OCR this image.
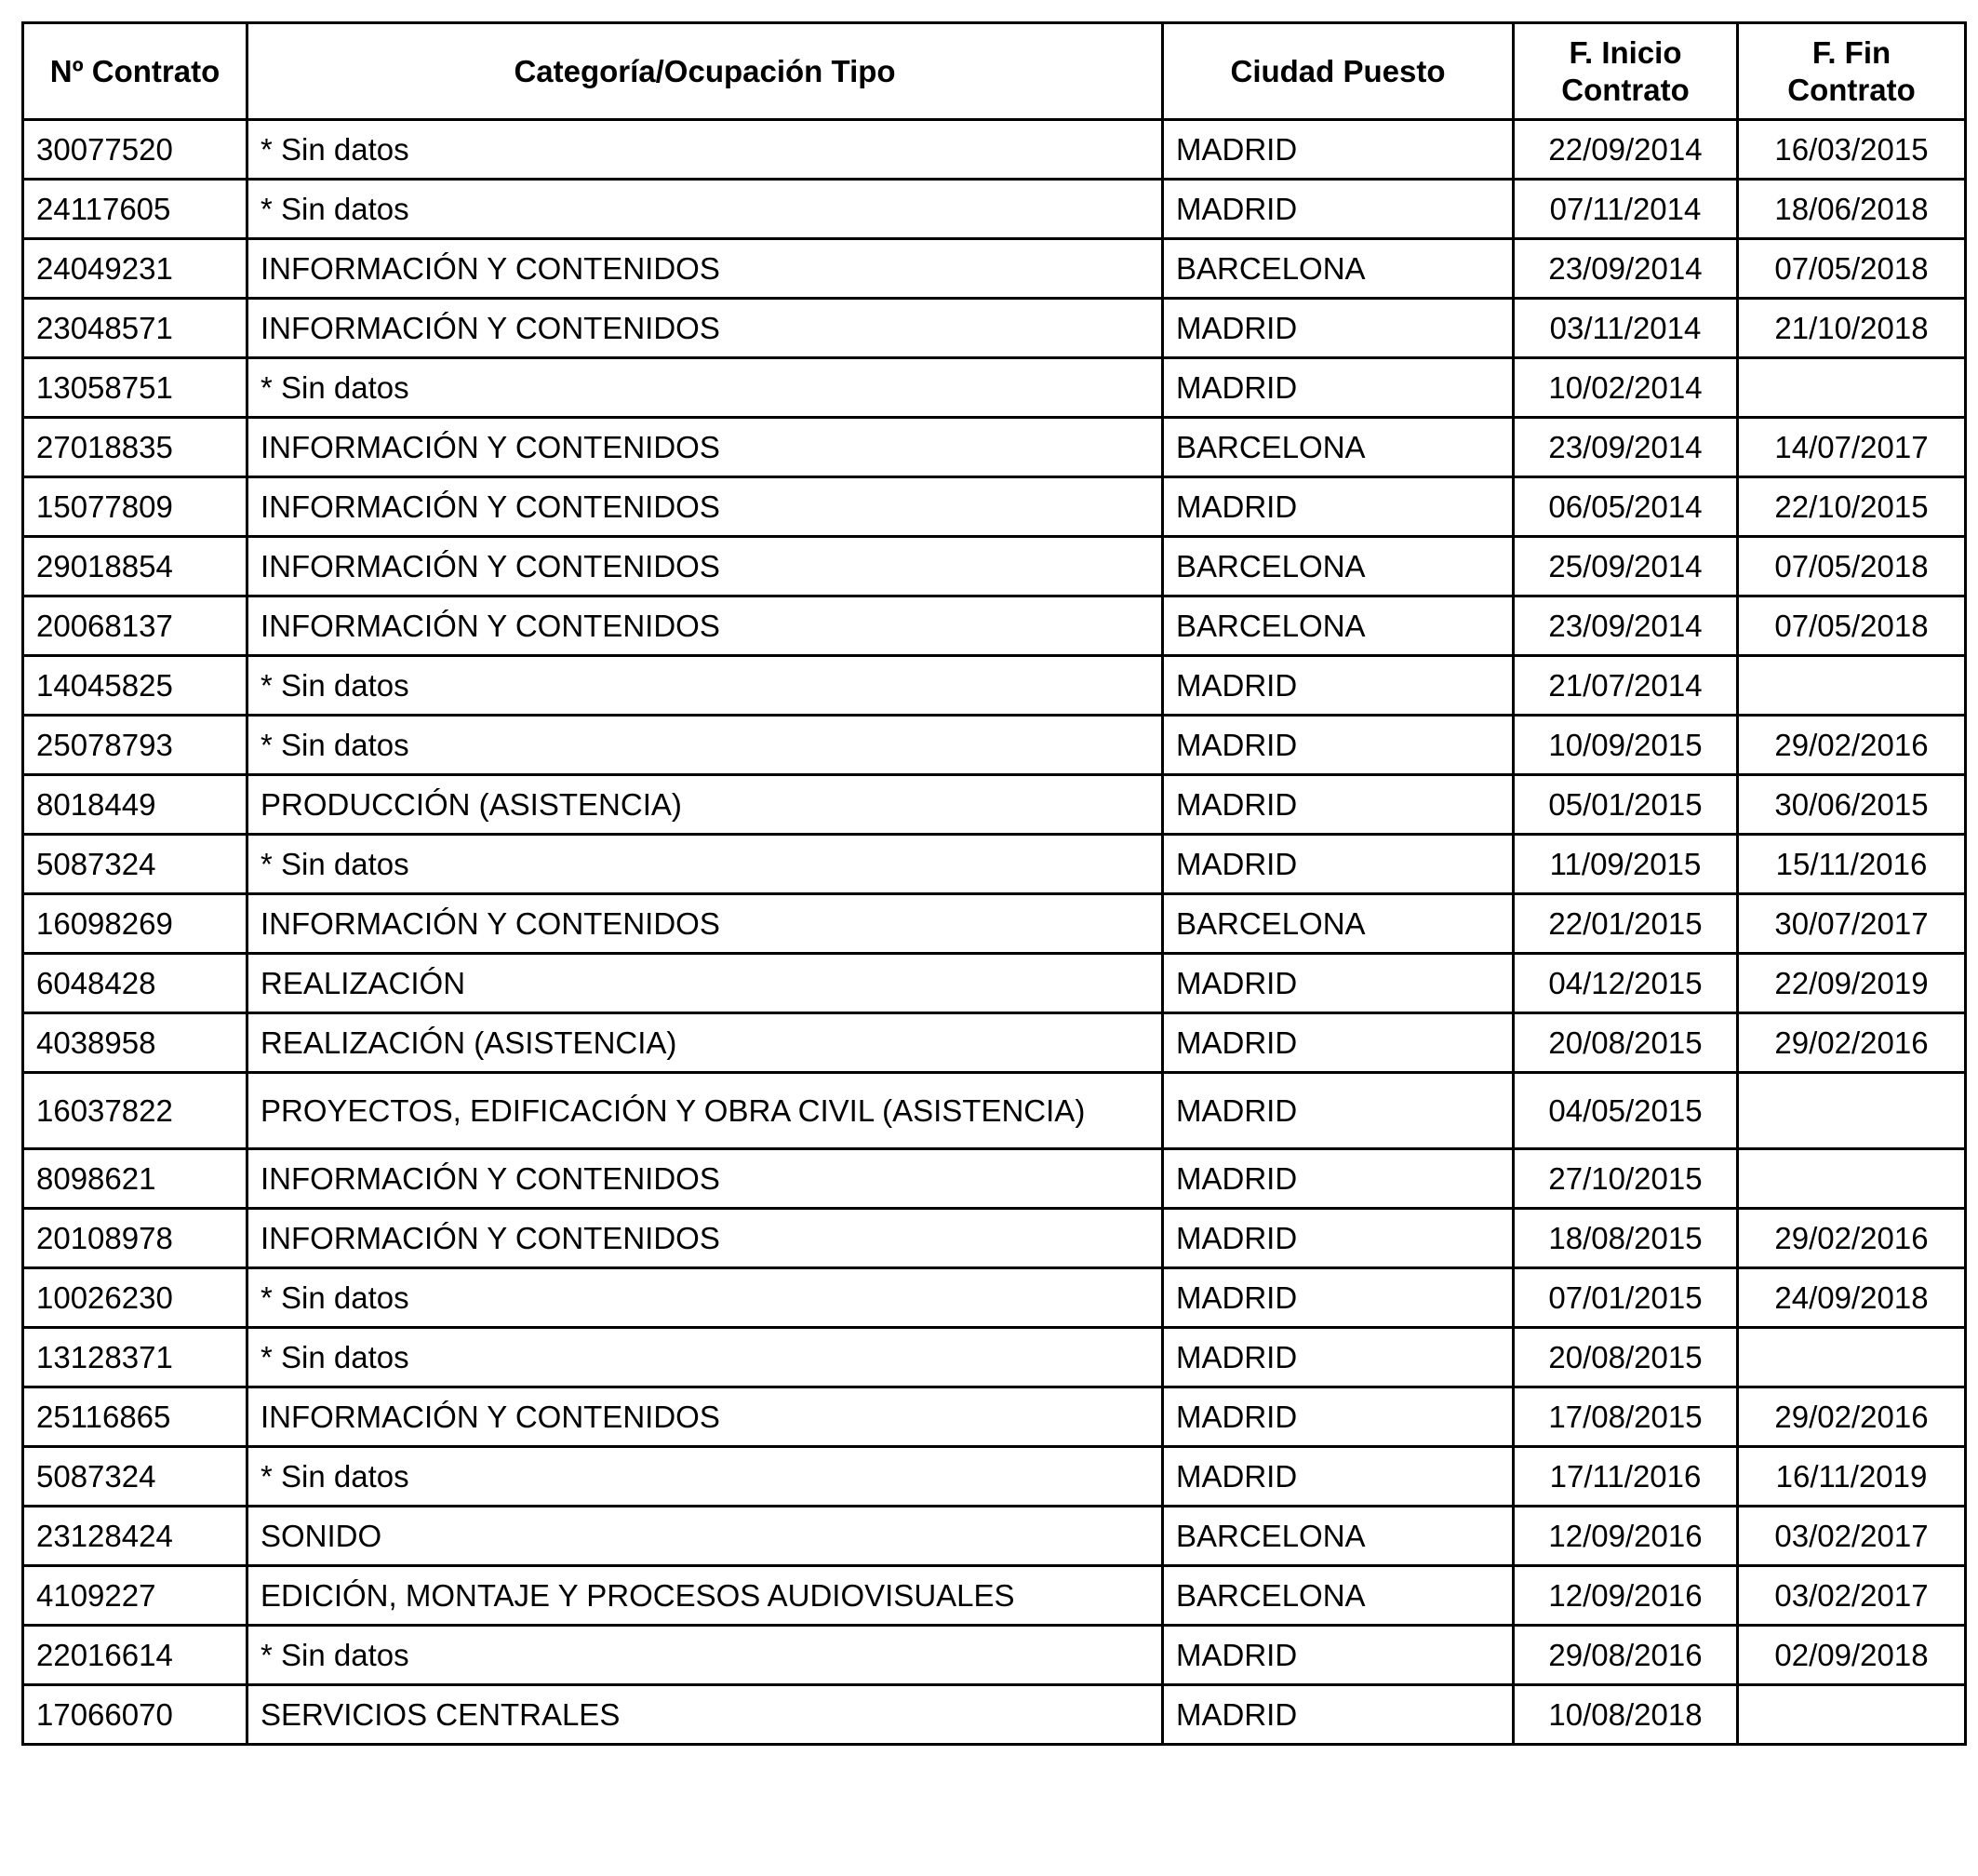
Nº Contrato	Categoría/Ocupación Tipo	Ciudad Puesto	F. Inicio Contrato	F. Fin Contrato
30077520	* Sin datos	MADRID	22/09/2014	16/03/2015
24117605	* Sin datos	MADRID	07/11/2014	18/06/2018
24049231	INFORMACIÓN Y CONTENIDOS	BARCELONA	23/09/2014	07/05/2018
23048571	INFORMACIÓN Y CONTENIDOS	MADRID	03/11/2014	21/10/2018
13058751	* Sin datos	MADRID	10/02/2014	
27018835	INFORMACIÓN Y CONTENIDOS	BARCELONA	23/09/2014	14/07/2017
15077809	INFORMACIÓN Y CONTENIDOS	MADRID	06/05/2014	22/10/2015
29018854	INFORMACIÓN Y CONTENIDOS	BARCELONA	25/09/2014	07/05/2018
20068137	INFORMACIÓN Y CONTENIDOS	BARCELONA	23/09/2014	07/05/2018
14045825	* Sin datos	MADRID	21/07/2014	
25078793	* Sin datos	MADRID	10/09/2015	29/02/2016
8018449	PRODUCCIÓN (ASISTENCIA)	MADRID	05/01/2015	30/06/2015
5087324	* Sin datos	MADRID	11/09/2015	15/11/2016
16098269	INFORMACIÓN Y CONTENIDOS	BARCELONA	22/01/2015	30/07/2017
6048428	REALIZACIÓN	MADRID	04/12/2015	22/09/2019
4038958	REALIZACIÓN (ASISTENCIA)	MADRID	20/08/2015	29/02/2016
16037822	PROYECTOS, EDIFICACIÓN Y OBRA CIVIL (ASISTENCIA)	MADRID	04/05/2015	
8098621	INFORMACIÓN Y CONTENIDOS	MADRID	27/10/2015	
20108978	INFORMACIÓN Y CONTENIDOS	MADRID	18/08/2015	29/02/2016
10026230	* Sin datos	MADRID	07/01/2015	24/09/2018
13128371	* Sin datos	MADRID	20/08/2015	
25116865	INFORMACIÓN Y CONTENIDOS	MADRID	17/08/2015	29/02/2016
5087324	* Sin datos	MADRID	17/11/2016	16/11/2019
23128424	SONIDO	BARCELONA	12/09/2016	03/02/2017
4109227	EDICIÓN, MONTAJE Y PROCESOS AUDIOVISUALES	BARCELONA	12/09/2016	03/02/2017
22016614	* Sin datos	MADRID	29/08/2016	02/09/2018
17066070	SERVICIOS CENTRALES	MADRID	10/08/2018	
